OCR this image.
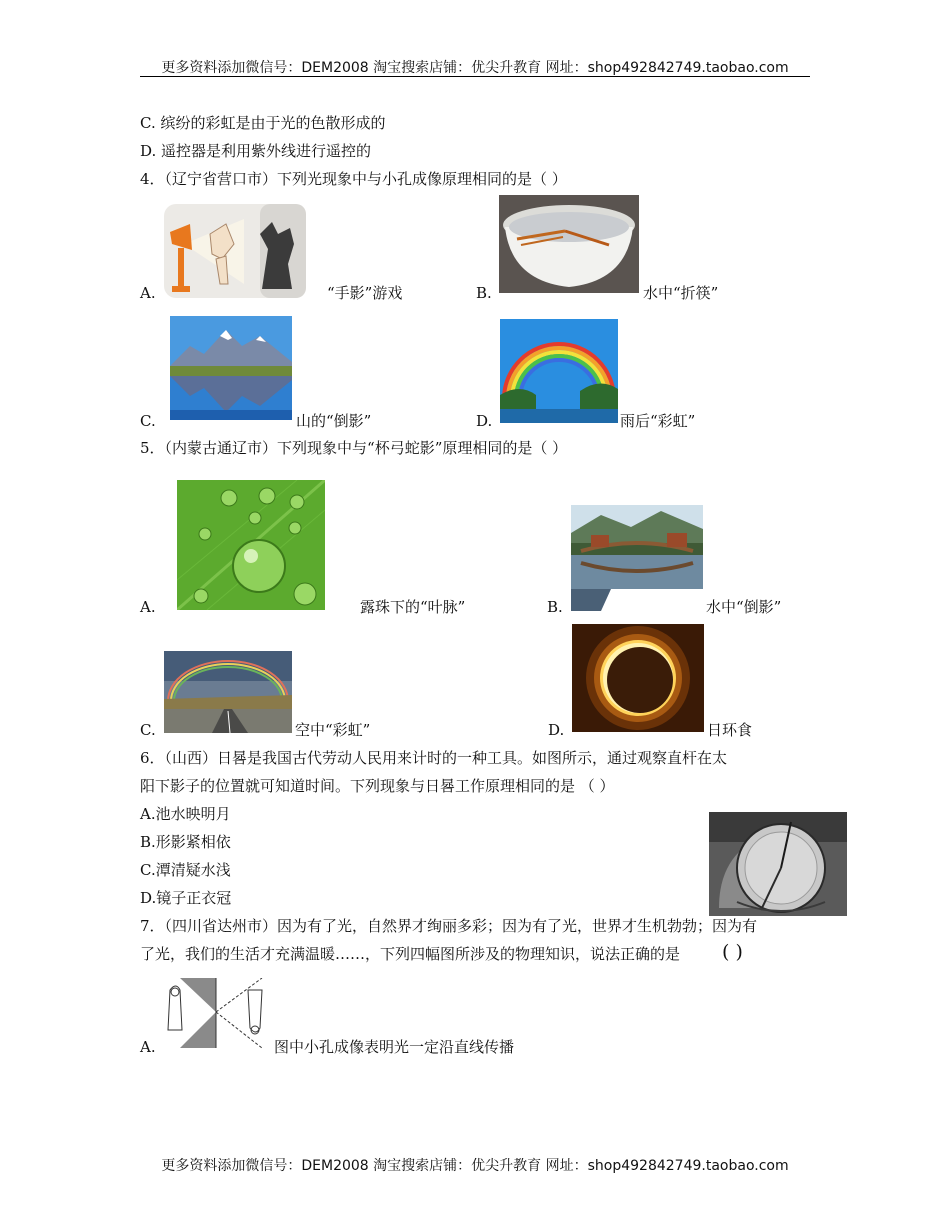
更多资料添加微信号：DEM2008 淘宝搜索店铺：优尖升教育 网址：shop492842749.taobao.com
C. 缤纷的彩虹是由于光的色散形成的
D. 遥控器是利用紫外线进行遥控的
4．（辽宁省营口市）下列光现象中与小孔成像原理相同的是（ ）
A.	“手影”游戏	B.	水中“折筷”
C.	山的“倒影”	D.	雨后“彩虹”
5．（内蒙古通辽市）下列现象中与“杯弓蛇影”原理相同的是（ ）
A.	露珠下的“叶脉”	B.	水中“倒影”
C.	空中“彩虹”	D.	日环食
6．（山西）日晷是我国古代劳动人民用来计时的一种工具。如图所示，通过观察直杆在太
阳下影子的位置就可知道时间。下列现象与日晷工作原理相同的是 （ ）
A.池水映明月
B.形影紧相依
C.潭清疑水浅
D.镜子正衣冠
7．（四川省达州市）因为有了光，自然界才绚丽多彩；因为有了光，世界才生机勃勃；因为有
了光，我们的生活才充满温暖……，下列四幅图所涉及的物理知识，说法正确的是 ( )
A.	图中小孔成像表明光一定沿直线传播
更多资料添加微信号：DEM2008 淘宝搜索店铺：优尖升教育 网址：shop492842749.taobao.com
